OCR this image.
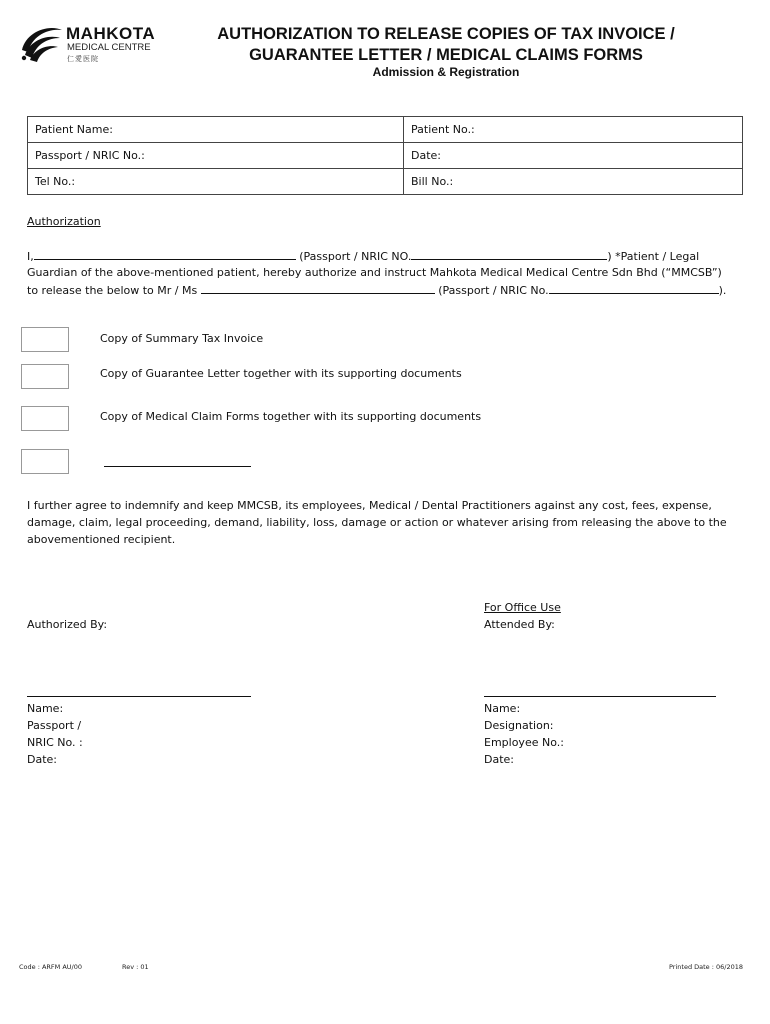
MAHKOTA
MEDICAL CENTRE
仁愛医院
AUTHORIZATION TO RELEASE COPIES OF TAX INVOICE /
GUARANTEE LETTER / MEDICAL CLAIMS FORMS
Admission & Registration
Patient Name:	Patient No.:
Passport / NRIC No.:	Date:
Tel No.:	Bill No.:
Authorization
I,	(Passport / NRIC NO.	) *Patient / Legal
Guardian of the above-mentioned patient, hereby authorize and instruct Mahkota Medical Medical Centre Sdn Bhd (“MMCSB”)
to release the below to Mr / Ms	(Passport / NRIC No.	).
Copy of Summary Tax Invoice
Copy of Guarantee Letter together with its supporting documents
Copy of Medical Claim Forms together with its supporting documents
I further agree to indemnify and keep MMCSB, its employees, Medical / Dental Practitioners against any cost, fees, expense,
damage, claim, legal proceeding, demand, liability, loss, damage or action or whatever arising from releasing the above to the
abovementioned recipient.
Authorized By:
For Office Use
Attended By:
Name:
Passport /
NRIC No. :
Date:
Name:
Designation:
Employee No.:
Date:
Code : ARFM AU/00	Rev : 01	Printed Date : 06/2018
